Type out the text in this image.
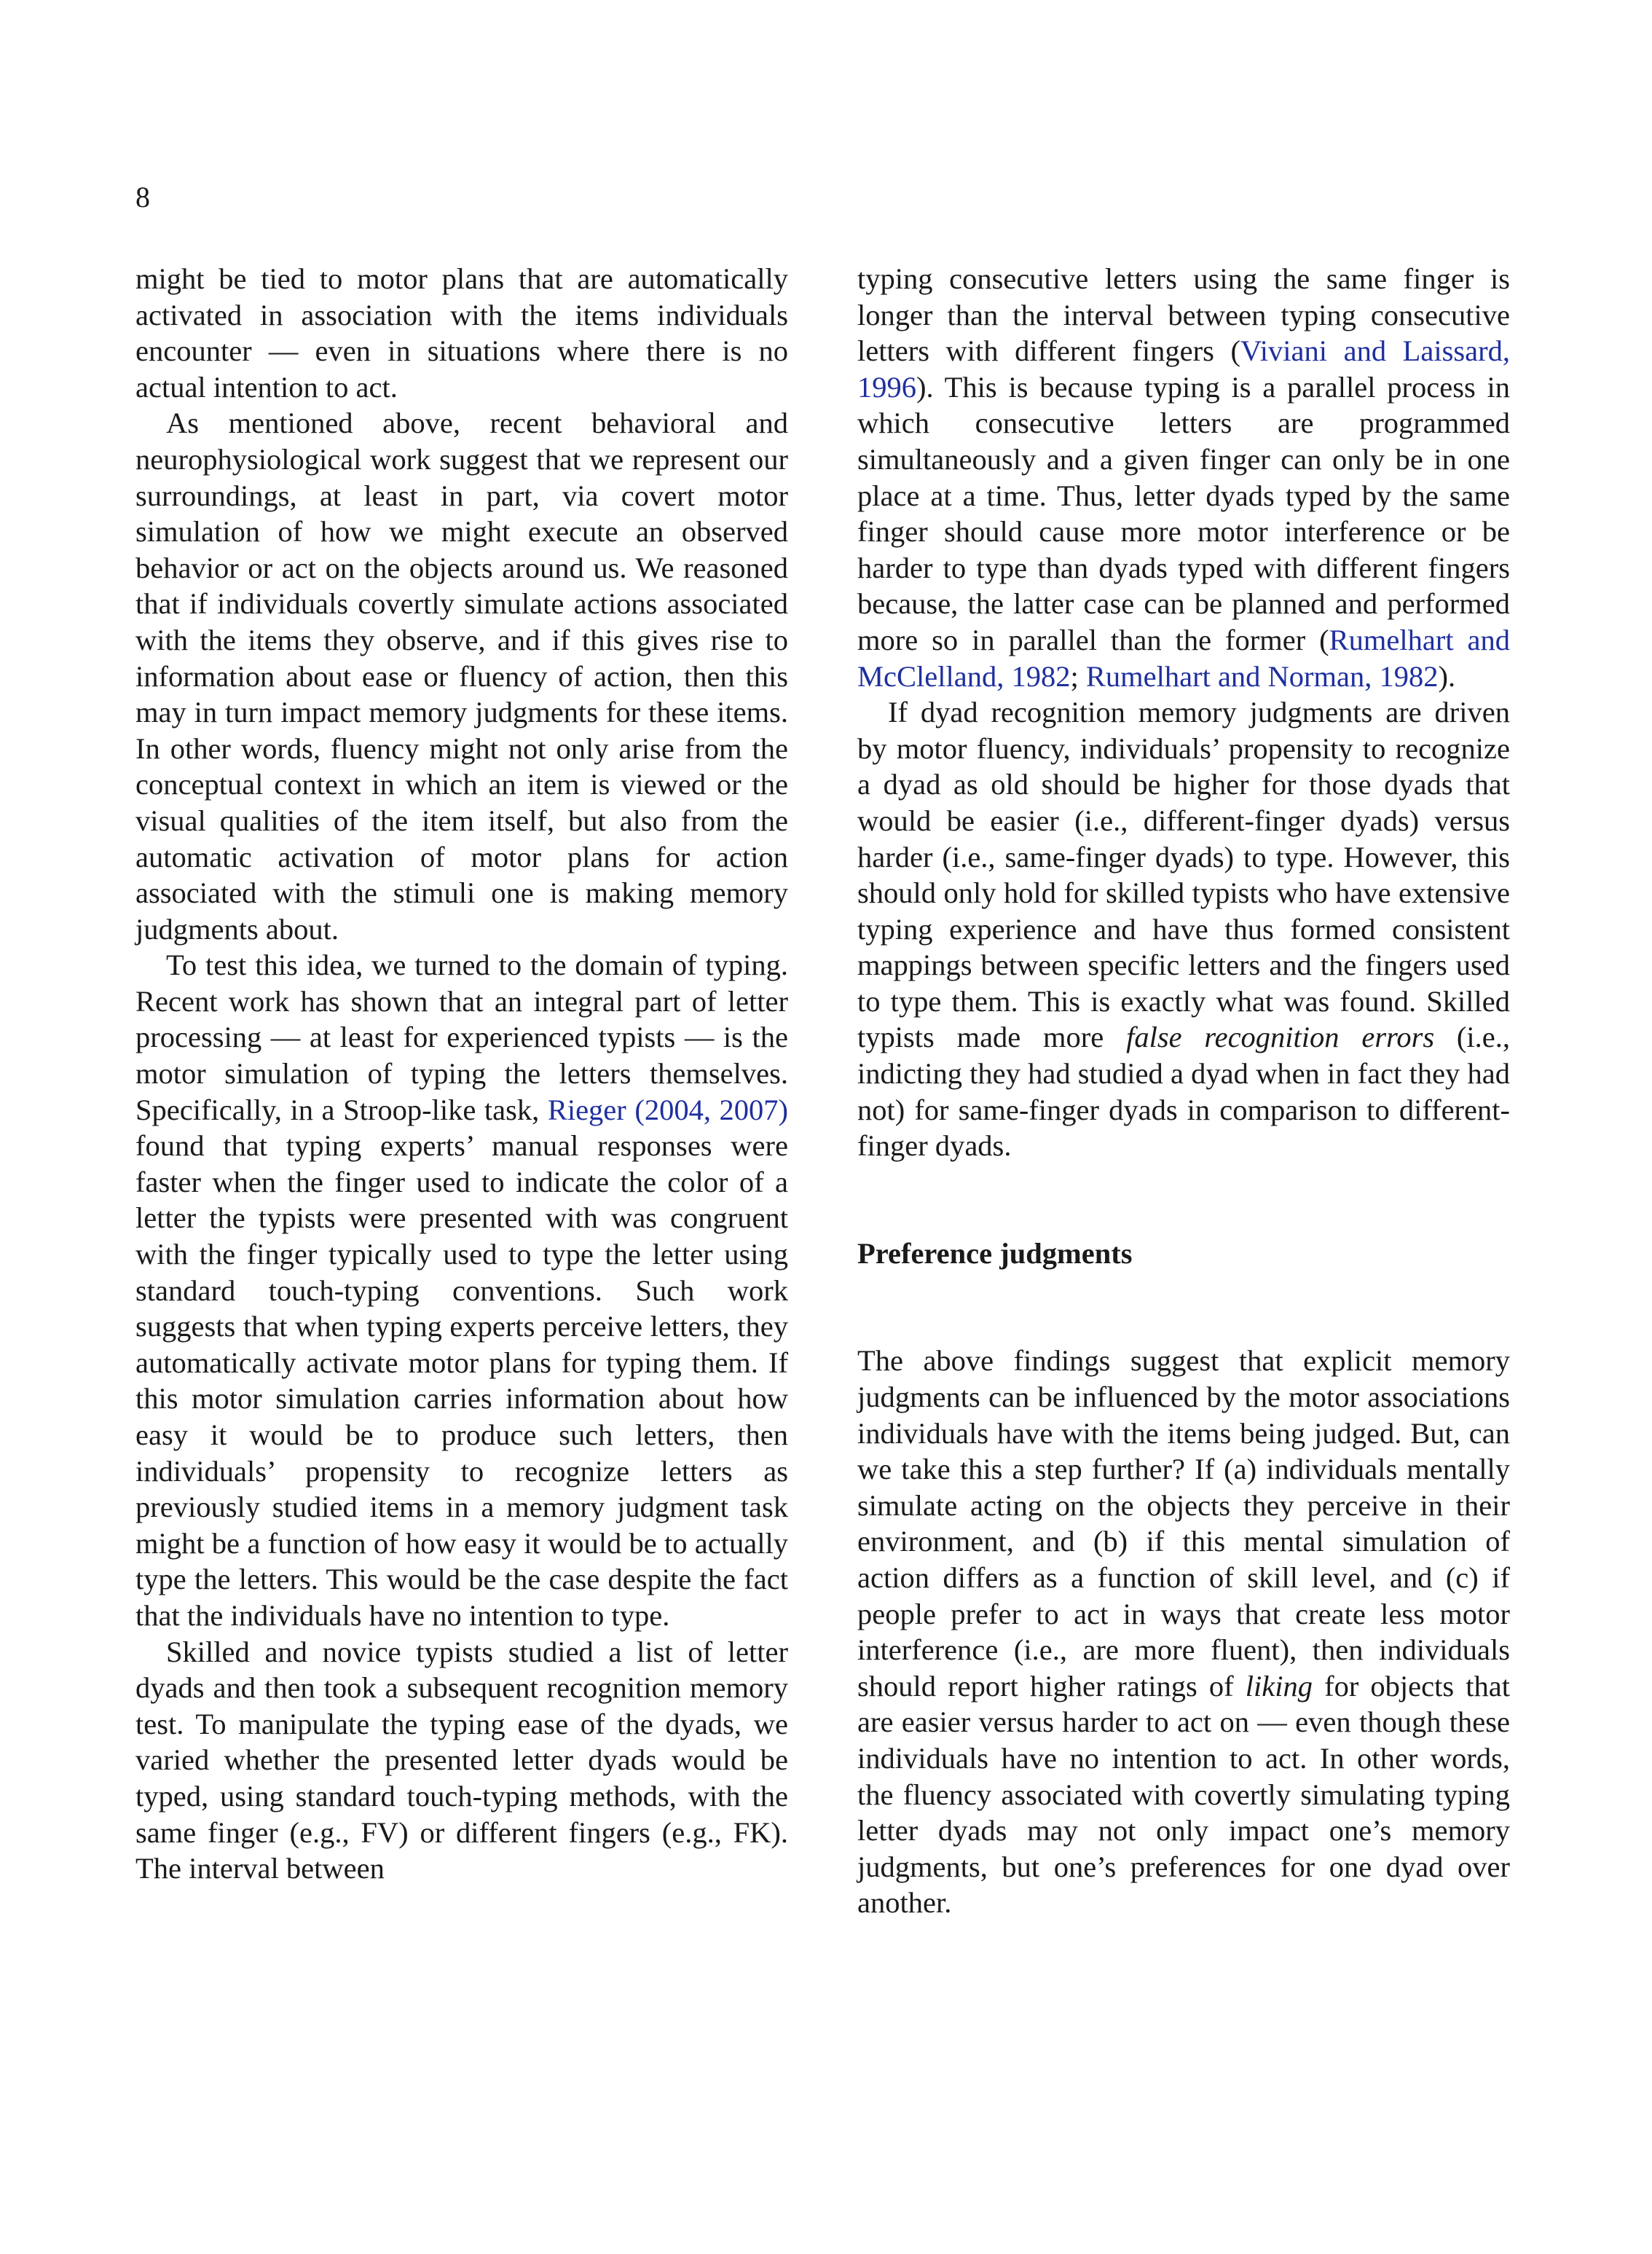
8

might be tied to motor plans that are automatically activated in association with the items individuals encounter — even in situations where there is no actual intention to act.

As mentioned above, recent behavioral and neurophysiological work suggest that we represent our surroundings, at least in part, via covert motor simulation of how we might execute an observed behavior or act on the objects around us. We reasoned that if individuals covertly simulate actions associated with the items they observe, and if this gives rise to information about ease or fluency of action, then this may in turn impact memory judgments for these items. In other words, fluency might not only arise from the conceptual context in which an item is viewed or the visual qualities of the item itself, but also from the automatic activation of motor plans for action associated with the stimuli one is making memory judgments about.

To test this idea, we turned to the domain of typing. Recent work has shown that an integral part of letter processing — at least for experienced typists — is the motor simulation of typing the letters themselves. Specifically, in a Stroop-like task, Rieger (2004, 2007) found that typing experts’ manual responses were faster when the finger used to indicate the color of a letter the typists were presented with was congruent with the finger typically used to type the letter using standard touch-typing conventions. Such work suggests that when typing experts perceive letters, they automatically activate motor plans for typing them. If this motor simulation carries information about how easy it would be to produce such letters, then individuals’ propensity to recognize letters as previously studied items in a memory judgment task might be a function of how easy it would be to actually type the letters. This would be the case despite the fact that the individuals have no intention to type.

Skilled and novice typists studied a list of letter dyads and then took a subsequent recognition memory test. To manipulate the typing ease of the dyads, we varied whether the presented letter dyads would be typed, using standard touch-typing methods, with the same finger (e.g., FV) or different fingers (e.g., FK). The interval between

typing consecutive letters using the same finger is longer than the interval between typing consecutive letters with different fingers (Viviani and Laissard, 1996). This is because typing is a parallel process in which consecutive letters are programmed simultaneously and a given finger can only be in one place at a time. Thus, letter dyads typed by the same finger should cause more motor interference or be harder to type than dyads typed with different fingers because, the latter case can be planned and performed more so in parallel than the former (Rumelhart and McClelland, 1982; Rumelhart and Norman, 1982).

If dyad recognition memory judgments are driven by motor fluency, individuals’ propensity to recognize a dyad as old should be higher for those dyads that would be easier (i.e., different-finger dyads) versus harder (i.e., same-finger dyads) to type. However, this should only hold for skilled typists who have extensive typing experience and have thus formed consistent mappings between specific letters and the fingers used to type them. This is exactly what was found. Skilled typists made more false recognition errors (i.e., indicting they had studied a dyad when in fact they had not) for same-finger dyads in comparison to different-finger dyads.

Preference judgments

The above findings suggest that explicit memory judgments can be influenced by the motor associations individuals have with the items being judged. But, can we take this a step further? If (a) individuals mentally simulate acting on the objects they perceive in their environment, and (b) if this mental simulation of action differs as a function of skill level, and (c) if people prefer to act in ways that create less motor interference (i.e., are more fluent), then individuals should report higher ratings of liking for objects that are easier versus harder to act on — even though these individuals have no intention to act. In other words, the fluency associated with covertly simulating typing letter dyads may not only impact one’s memory judgments, but one’s preferences for one dyad over another.
